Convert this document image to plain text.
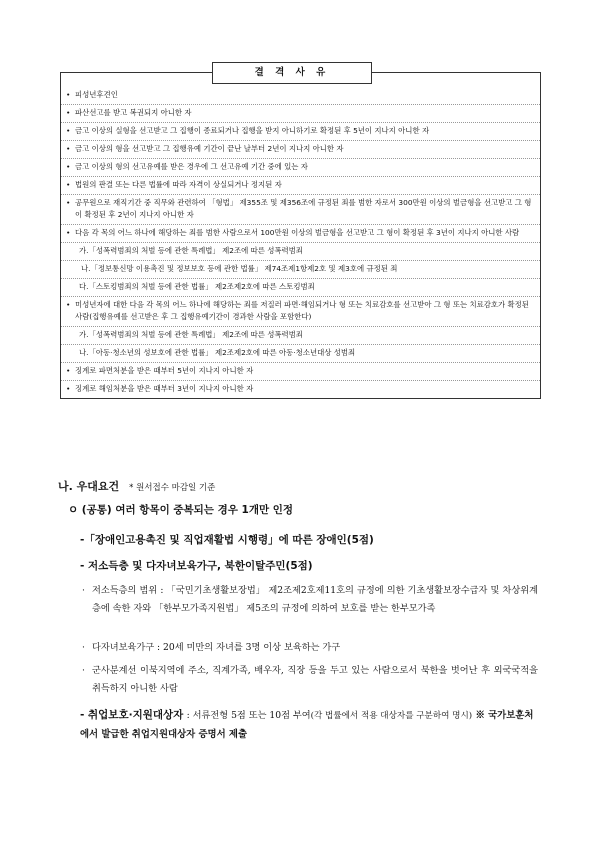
결 격 사 유
• 피성년후견인
• 파산선고를 받고 복권되지 아니한 자
• 금고 이상의 실형을 선고받고 그 집행이 종료되거나 집행을 받지 아니하기로 확정된 후 5년이 지나지 아니한 자
• 금고 이상의 형을 선고받고 그 집행유예 기간이 끝난 날부터 2년이 지나지 아니한 자
• 금고 이상의 형의 선고유예를 받은 경우에 그 선고유예 기간 중에 있는 자
• 법원의 판결 또는 다른 법률에 따라 자격이 상실되거나 정지된 자
• 공무원으로 재직기간 중 직무와 관련하여 「형법」 제355조 및 제356조에 규정된 죄를 범한 자로서 300만원 이상의 벌금형을 선고받고 그 형이 확정된 후 2년이 지나지 아니한 자
• 다음 각 목의 어느 하나에 해당하는 죄를 범한 사람으로서 100만원 이상의 벌금형을 선고받고 그 형이 확정된 후 3년이 지나지 아니한 사람
가.「성폭력범죄의 처벌 등에 관한 특례법」 제2조에 따른 성폭력범죄
나.「정보통신망 이용촉진 및 정보보호 등에 관한 법률」 제74조제1항제2호 및 제3호에 규정된 죄
다.「스토킹범죄의 처벌 등에 관한 법률」 제2조제2호에 따른 스토킹범죄
• 미성년자에 대한 다음 각 목의 어느 하나에 해당하는 죄를 저질러 파면·해임되거나 형 또는 치료감호를 선고받아 그 형 또는 치료감호가 확정된 사람(집행유예를 선고받은 후 그 집행유예기간이 경과한 사람을 포함한다)
가.「성폭력범죄의 처벌 등에 관한 특례법」 제2조에 따른 성폭력범죄
나.「아동·청소년의 성보호에 관한 법률」 제2조제2호에 따른 아동·청소년대상 성범죄
• 징계로 파면처분을 받은 때부터 5년이 지나지 아니한 자
• 징계로 해임처분을 받은 때부터 3년이 지나지 아니한 자
나. 우대요건 * 원서접수 마감일 기준
ㅇ (공통) 여러 항목이 중복되는 경우 1개만 인정
-「장애인고용촉진 및 직업재활법 시행령」에 따른 장애인(5점)
- 저소득층 및 다자녀보육가구, 북한이탈주민(5점)
· 저소득층의 범위 : 「국민기초생활보장법」 제2조제2호제11호의 규정에 의한 기초생활보장수급자 및 차상위계층에 속한 자와 「한부모가족지원법」 제5조의 규정에 의하여 보호를 받는 한부모가족
· 다자녀보육가구 : 20세 미만의 자녀를 3명 이상 보육하는 가구
· 군사분계선 이북지역에 주소, 직계가족, 배우자, 직장 등을 두고 있는 사람으로서 북한을 벗어난 후 외국국적을 취득하지 아니한 사람
- 취업보호·지원대상자 : 서류전형 5점 또는 10점 부여(각 법률에서 적용 대상자를 구분하여 명시) ※ 국가보훈처에서 발급한 취업지원대상자 증명서 제출
